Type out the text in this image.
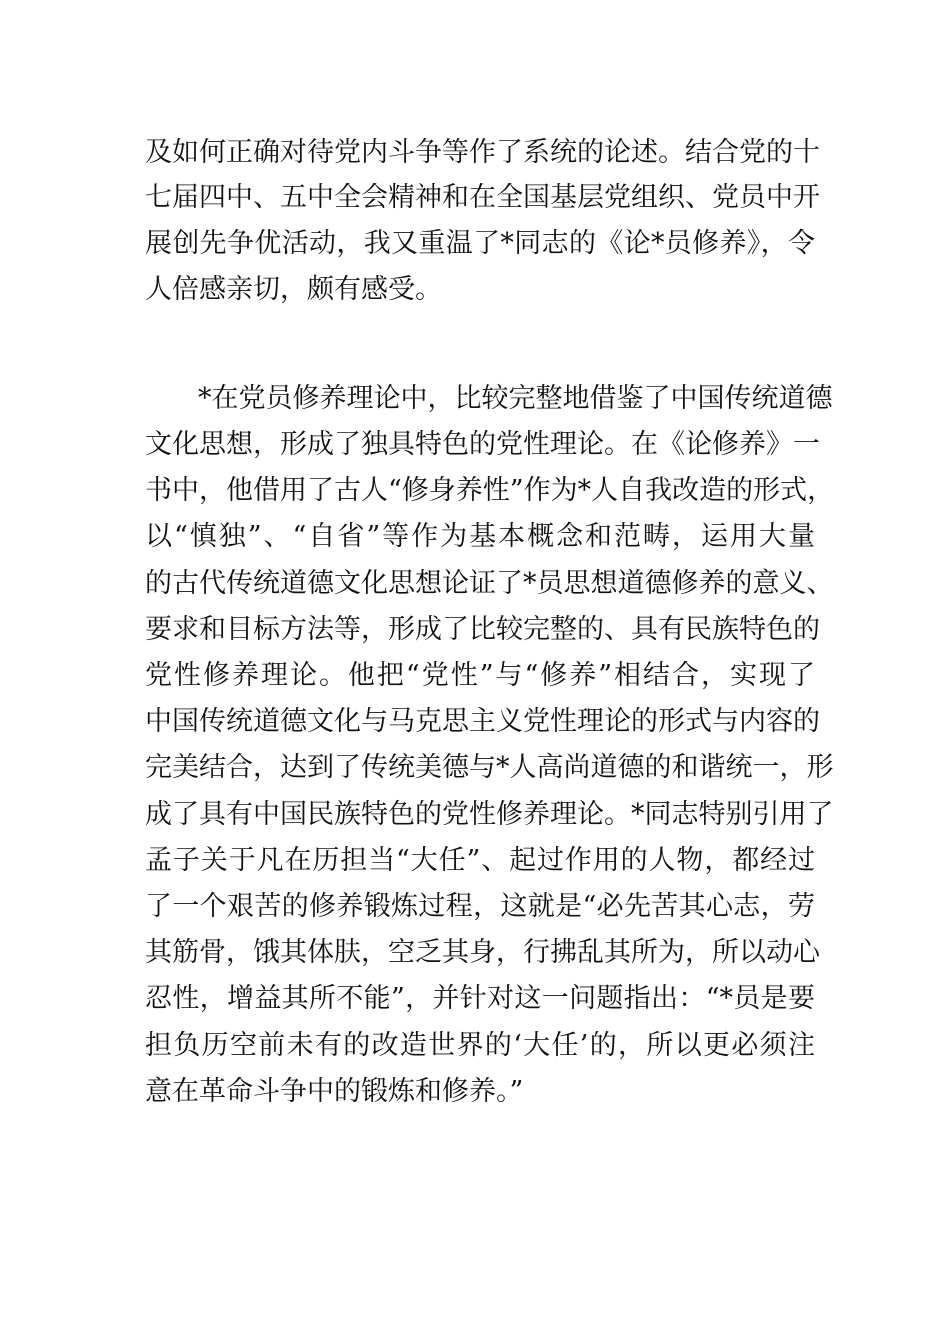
及如何正确对待党内斗争等作了系统的论述。结合党的十
七届四中、五中全会精神和在全国基层党组织、党员中开
展创先争优活动，我又重温了*同志的《论*员修养》，令
人倍感亲切，颇有感受。
*在党员修养理论中，比较完整地借鉴了中国传统道德
文化思想，形成了独具特色的党性理论。在《论修养》一
书中，他借用了古人“修身养性”作为*人自我改造的形式，
以“慎独”、“自省”等作为基本概念和范畴，运用大量
的古代传统道德文化思想论证了*员思想道德修养的意义、
要求和目标方法等，形成了比较完整的、具有民族特色的
党性修养理论。他把“党性”与“修养”相结合，实现了
中国传统道德文化与马克思主义党性理论的形式与内容的
完美结合，达到了传统美德与*人高尚道德的和谐统一，形
成了具有中国民族特色的党性修养理论。*同志特别引用了
孟子关于凡在历担当“大任”、起过作用的人物，都经过
了一个艰苦的修养锻炼过程，这就是“必先苦其心志，劳
其筋骨，饿其体肤，空乏其身，行拂乱其所为，所以动心
忍性，增益其所不能”，并针对这一问题指出：“*员是要
担负历空前未有的改造世界的‘大任’的，所以更必须注
意在革命斗争中的锻炼和修养。”
